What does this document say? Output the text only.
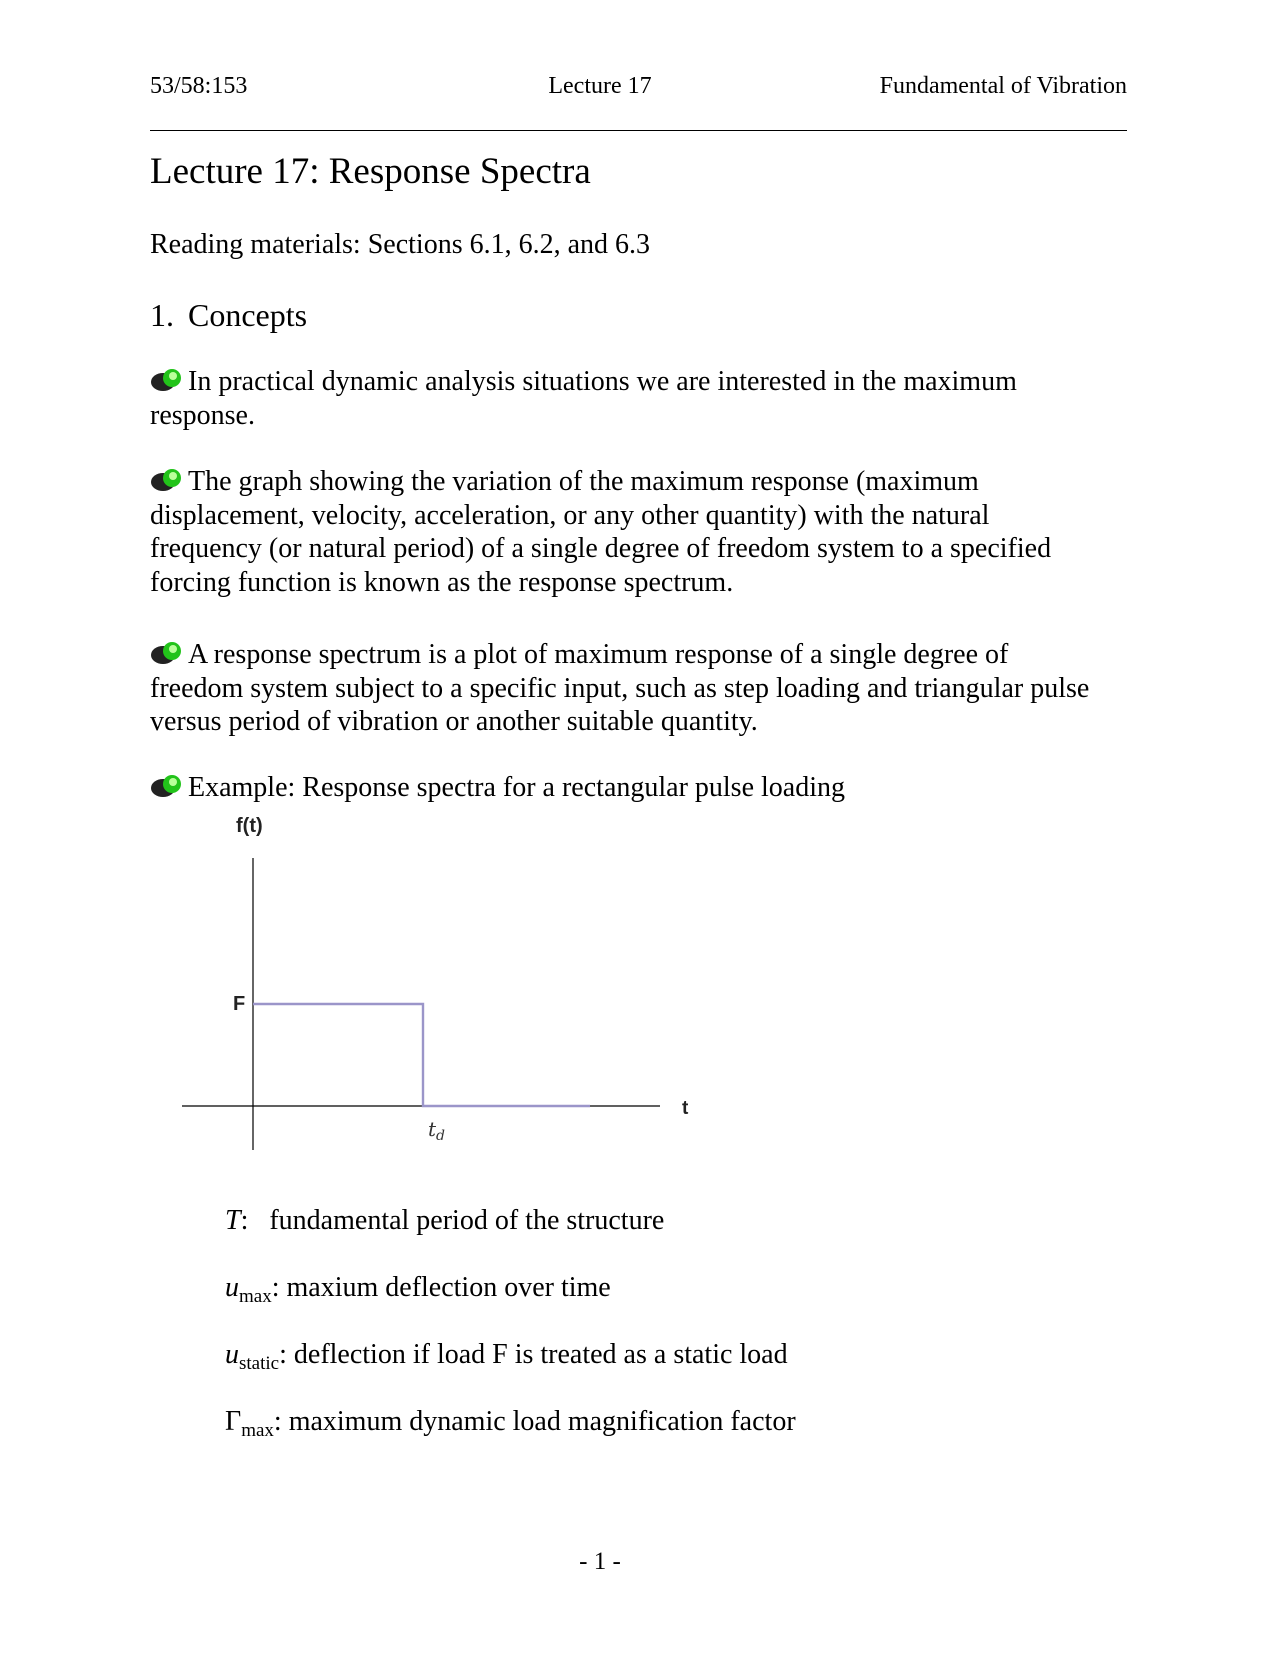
53/58:153	Lecture 17	Fundamental of Vibration
Lecture 17: Response Spectra
Reading materials: Sections 6.1, 6.2, and 6.3
1. Concepts

In practical dynamic analysis situations we are interested in the maximum response.

The graph showing the variation of the maximum response (maximum displacement, velocity, acceleration, or any other quantity) with the natural frequency (or natural period) of a single degree of freedom system to a specified forcing function is known as the response spectrum.

A response spectrum is a plot of maximum response of a single degree of freedom system subject to a specific input, such as step loading and triangular pulse versus period of vibration or another suitable quantity.

Example: Response spectra for a rectangular pulse loading

f(t)
t
F
$t_d$
T:   fundamental period of the structure
$u_{max}$: maxium deflection over time
$u_{static}$: deflection if load F is treated as a static load
$\Gamma_{max}$: maximum dynamic load magnification factor
- 1 -
